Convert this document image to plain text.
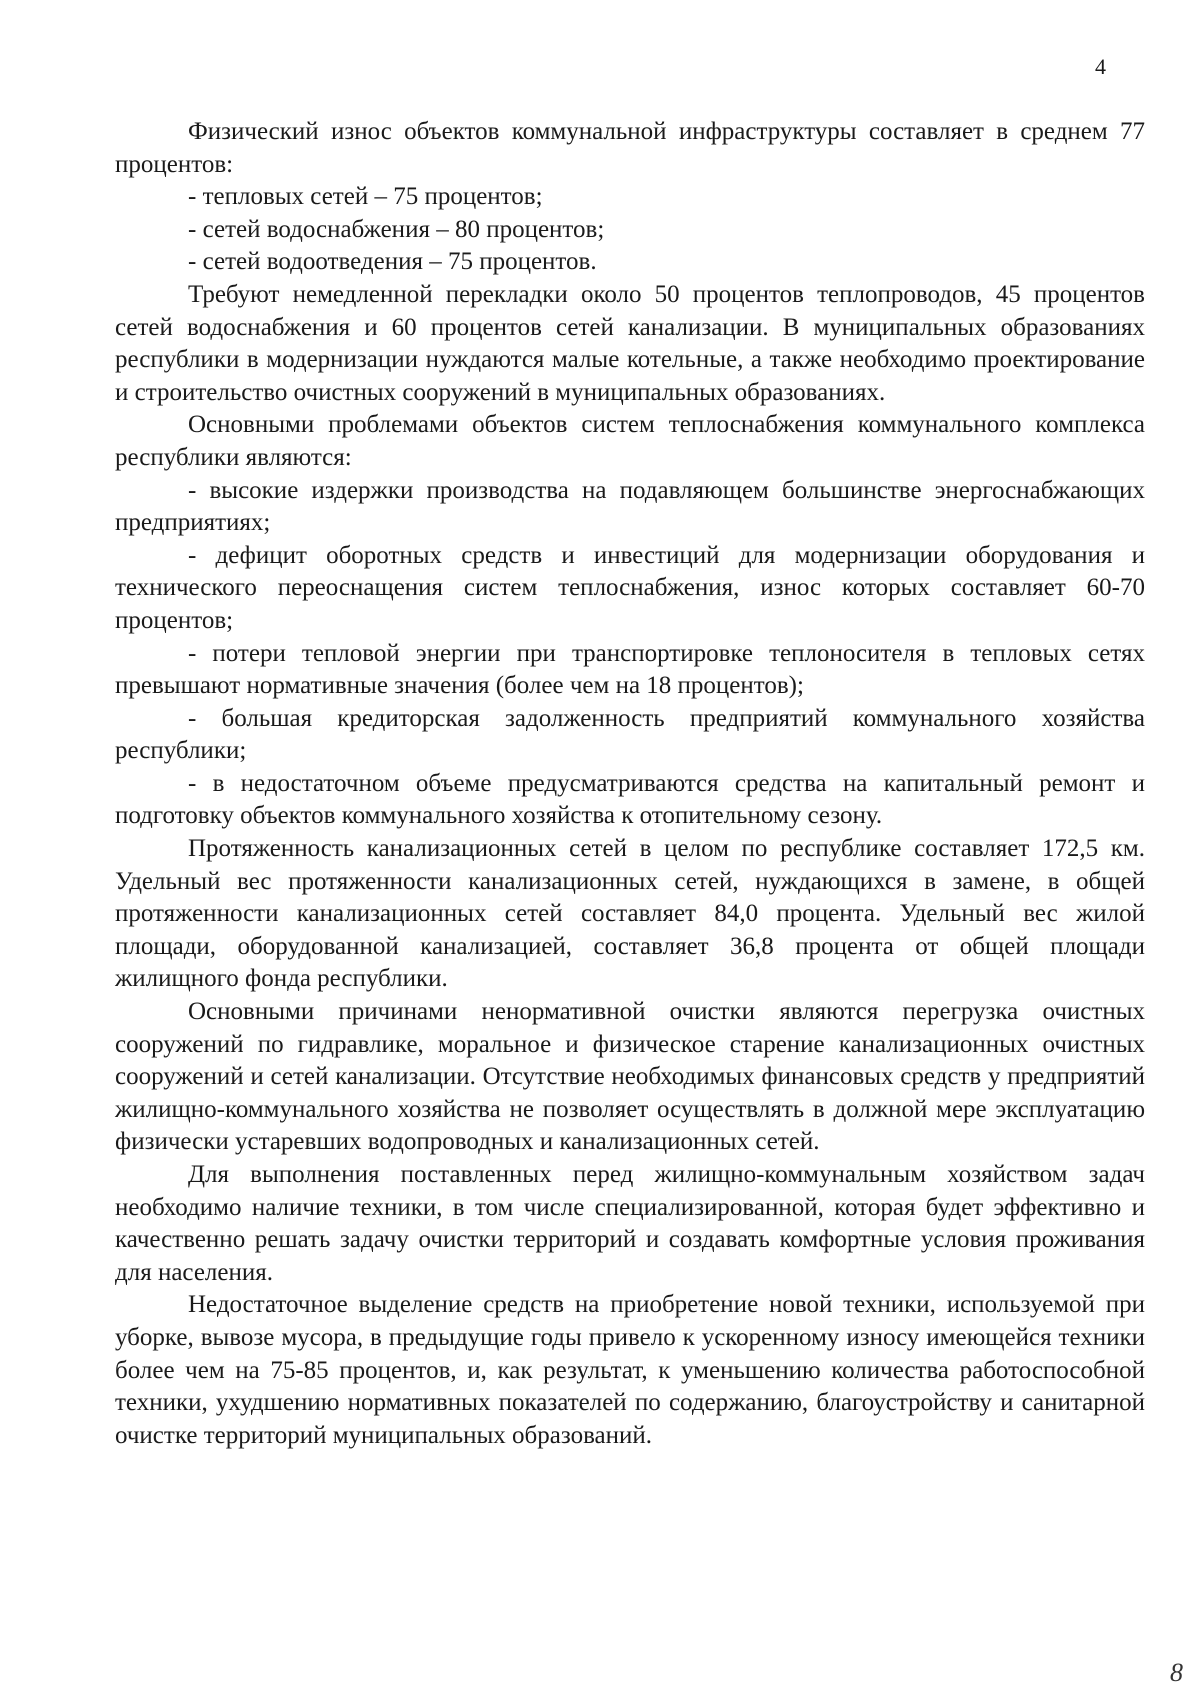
4

Физический износ объектов коммунальной инфраструктуры составляет в среднем 77 процентов:

- тепловых сетей – 75 процентов;

- сетей водоснабжения – 80 процентов;

- сетей водоотведения – 75 процентов.

Требуют немедленной перекладки около 50 процентов теплопроводов, 45 процентов сетей водоснабжения и 60 процентов сетей канализации. В муниципальных образованиях республики в модернизации нуждаются малые котельные, а также необходимо проектирование и строительство очистных сооружений в муниципальных образованиях.

Основными проблемами объектов систем теплоснабжения коммунального комплекса республики являются:

- высокие издержки производства на подавляющем большинстве энергоснабжающих предприятиях;

- дефицит оборотных средств и инвестиций для модернизации оборудования и технического переоснащения систем теплоснабжения, износ которых составляет 60-70 процентов;

- потери тепловой энергии при транспортировке теплоносителя в тепловых сетях превышают нормативные значения (более чем на 18 процентов);

- большая кредиторская задолженность предприятий коммунального хозяйства республики;

- в недостаточном объеме предусматриваются средства на капитальный ремонт и подготовку объектов коммунального хозяйства к отопительному сезону.

Протяженность канализационных сетей в целом по республике составляет 172,5 км. Удельный вес протяженности канализационных сетей, нуждающихся в замене, в общей протяженности канализационных сетей составляет 84,0 процента. Удельный вес жилой площади, оборудованной канализацией, составляет 36,8 процента от общей площади жилищного фонда республики.

Основными причинами ненормативной очистки являются перегрузка очистных сооружений по гидравлике, моральное и физическое старение канализационных очистных сооружений и сетей канализации. Отсутствие необходимых финансовых средств у предприятий жилищно-коммунального хозяйства не позволяет осуществлять в должной мере эксплуатацию физически устаревших водопроводных и канализационных сетей.

Для выполнения поставленных перед жилищно-коммунальным хозяйством задач необходимо наличие техники, в том числе специализированной, которая будет эффективно и качественно решать задачу очистки территорий и создавать комфортные условия проживания для населения.

Недостаточное выделение средств на приобретение новой техники, используемой при уборке, вывозе мусора, в предыдущие годы привело к ускоренному износу имеющейся техники более чем на 75-85 процентов, и, как результат, к уменьшению количества работоспособной техники, ухудшению нормативных показателей по содержанию, благоустройству и санитарной очистке территорий муниципальных образований.

8
